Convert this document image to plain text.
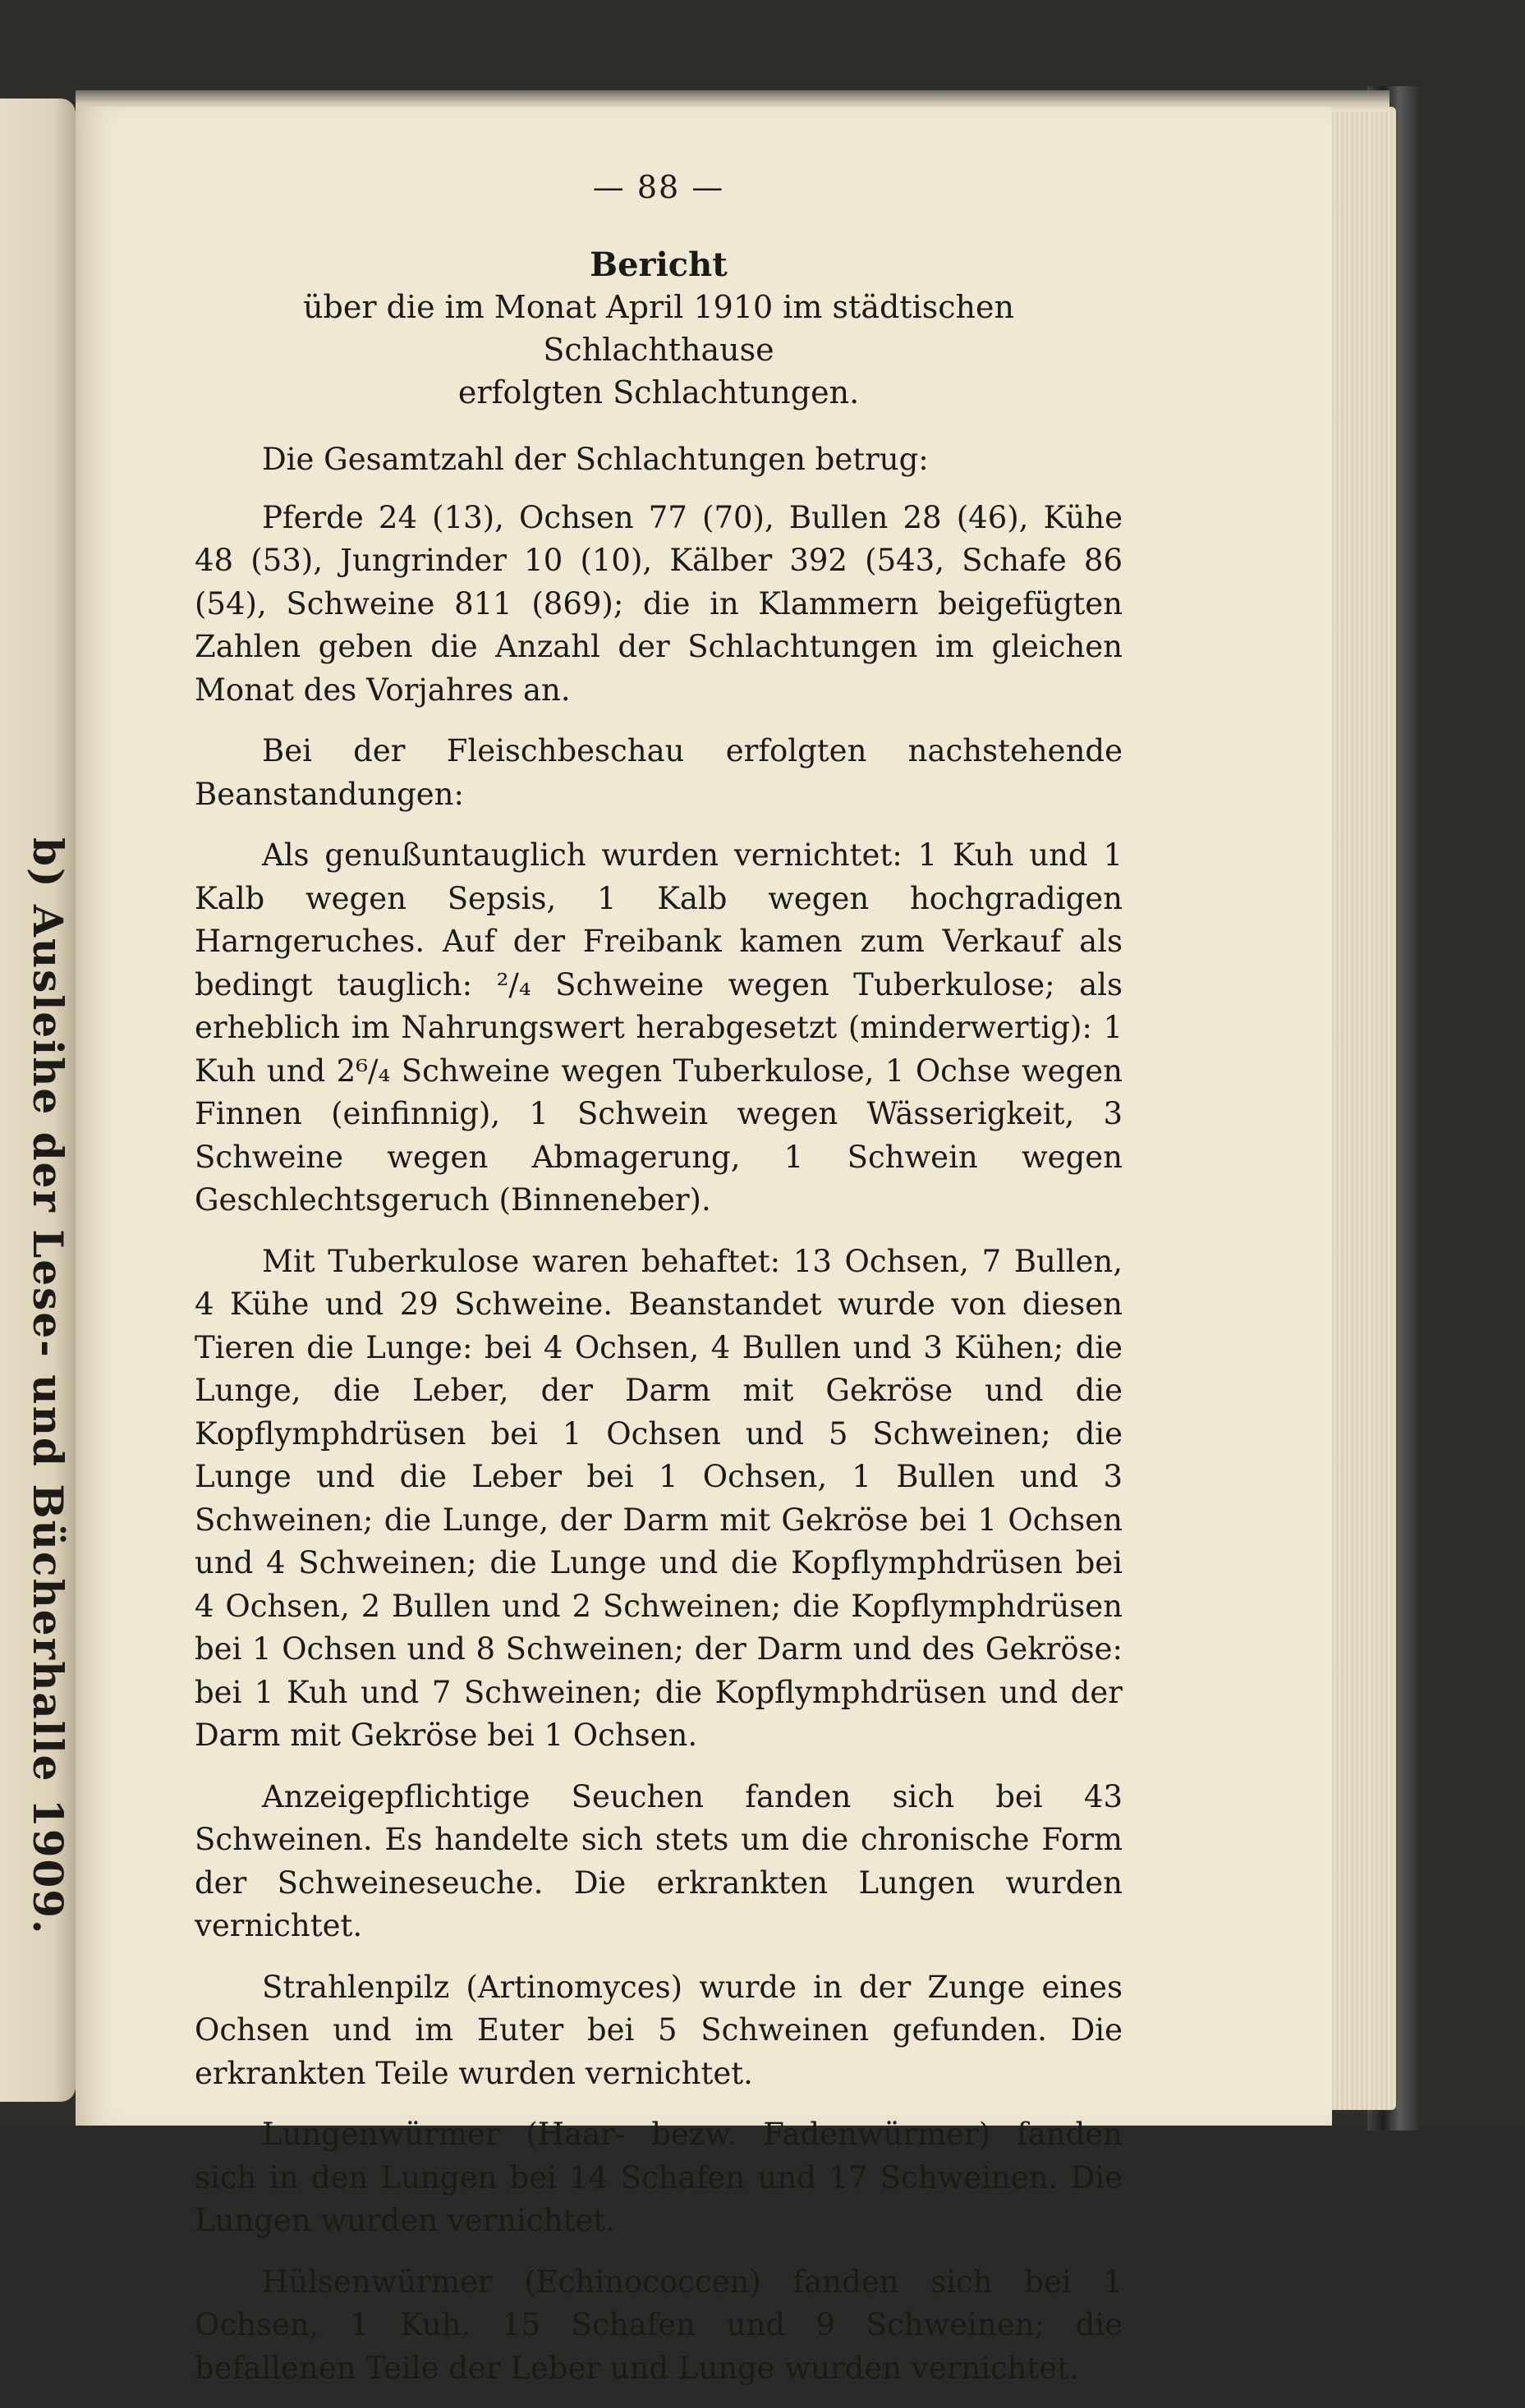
b) Ausleihe der Lese- und Bücherhalle 1909.
— 88 —
Bericht
über die im Monat April 1910 im städtischen Schlachthause
erfolgten Schlachtungen.

Die Gesamtzahl der Schlachtungen betrug:

Pferde 24 (13), Ochsen 77 (70), Bullen 28 (46), Kühe 48 (53), Jungrinder 10 (10), Kälber 392 (543, Schafe 86 (54), Schweine 811 (869); die in Klammern beigefügten Zahlen geben die Anzahl der Schlachtungen im gleichen Monat des Vorjahres an.

Bei der Fleischbeschau erfolgten nachstehende Beanstandungen:

Als genußuntauglich wurden vernichtet: 1 Kuh und 1 Kalb wegen Sepsis, 1 Kalb wegen hochgradigen Harngeruches. Auf der Freibank kamen zum Verkauf als bedingt tauglich: ²/₄ Schweine wegen Tuberkulose; als erheblich im Nahrungswert herabgesetzt (minderwertig): 1 Kuh und 2⁶/₄ Schweine wegen Tuberkulose, 1 Ochse wegen Finnen (einfinnig), 1 Schwein wegen Wässerigkeit, 3 Schweine wegen Abmagerung, 1 Schwein wegen Geschlechtsgeruch (Binneneber).

Mit Tuberkulose waren behaftet: 13 Ochsen, 7 Bullen, 4 Kühe und 29 Schweine. Beanstandet wurde von diesen Tieren die Lunge: bei 4 Ochsen, 4 Bullen und 3 Kühen; die Lunge, die Leber, der Darm mit Gekröse und die Kopflymphdrüsen bei 1 Ochsen und 5 Schweinen; die Lunge und die Leber bei 1 Ochsen, 1 Bullen und 3 Schweinen; die Lunge, der Darm mit Gekröse bei 1 Ochsen und 4 Schweinen; die Lunge und die Kopflymphdrüsen bei 4 Ochsen, 2 Bullen und 2 Schweinen; die Kopflymphdrüsen bei 1 Ochsen und 8 Schweinen; der Darm und des Gekröse: bei 1 Kuh und 7 Schweinen; die Kopflymphdrüsen und der Darm mit Gekröse bei 1 Ochsen.

Anzeigepflichtige Seuchen fanden sich bei 43 Schweinen. Es handelte sich stets um die chronische Form der Schweineseuche. Die erkrankten Lungen wurden vernichtet.

Strahlenpilz (Artinomyces) wurde in der Zunge eines Ochsen und im Euter bei 5 Schweinen gefunden. Die erkrankten Teile wurden vernichtet.

Lungenwürmer (Haar- bezw. Fadenwürmer) fanden sich in den Lungen bei 14 Schafen und 17 Schweinen. Die Lungen wurden vernichtet.

Hülsenwürmer (Echinococcen) fanden sich bei 1 Ochsen, 1 Kuh. 15 Schafen und 9 Schweinen; die befallenen Teile der Leber und Lunge wurden vernichtet.
